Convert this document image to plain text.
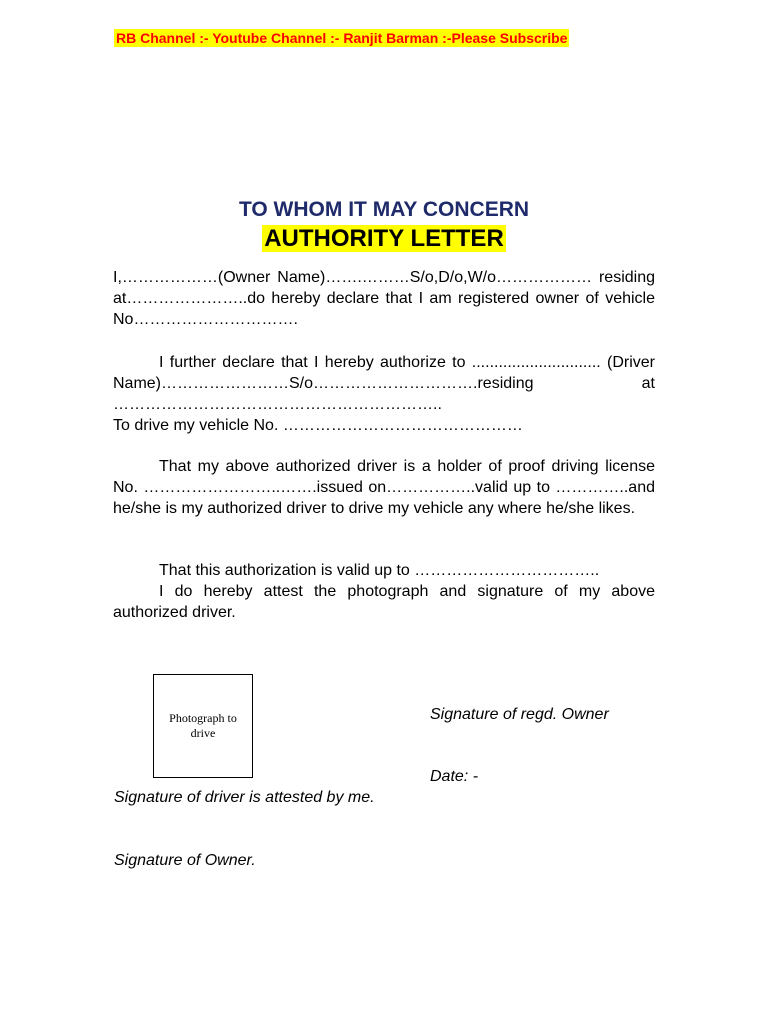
RB Channel :- Youtube Channel :- Ranjit Barman :-Please Subscribe
TO WHOM IT MAY CONCERN
AUTHORITY LETTER

I,………………(Owner Name)…….………S/o,D/o,W/o……………… residing at…………………..do hereby declare that I am registered owner of vehicle No………………………….

I further declare that I hereby authorize to ............................. (Driver Name)……………………S/o………………………….residing at ……………………………………………………..

To drive my vehicle No. ………………………………………

That my above authorized driver is a holder of proof driving license No. ……………………..…….issued on……………..valid up to …………..and he/she is my authorized driver to drive my vehicle any where he/she likes.

That this authorization is valid up to ……………………………..

I do hereby attest the photograph and signature of my above authorized driver.

Photograph to drive
Signature of regd. Owner
Date: -
Signature of driver is attested by me.
Signature of Owner.
